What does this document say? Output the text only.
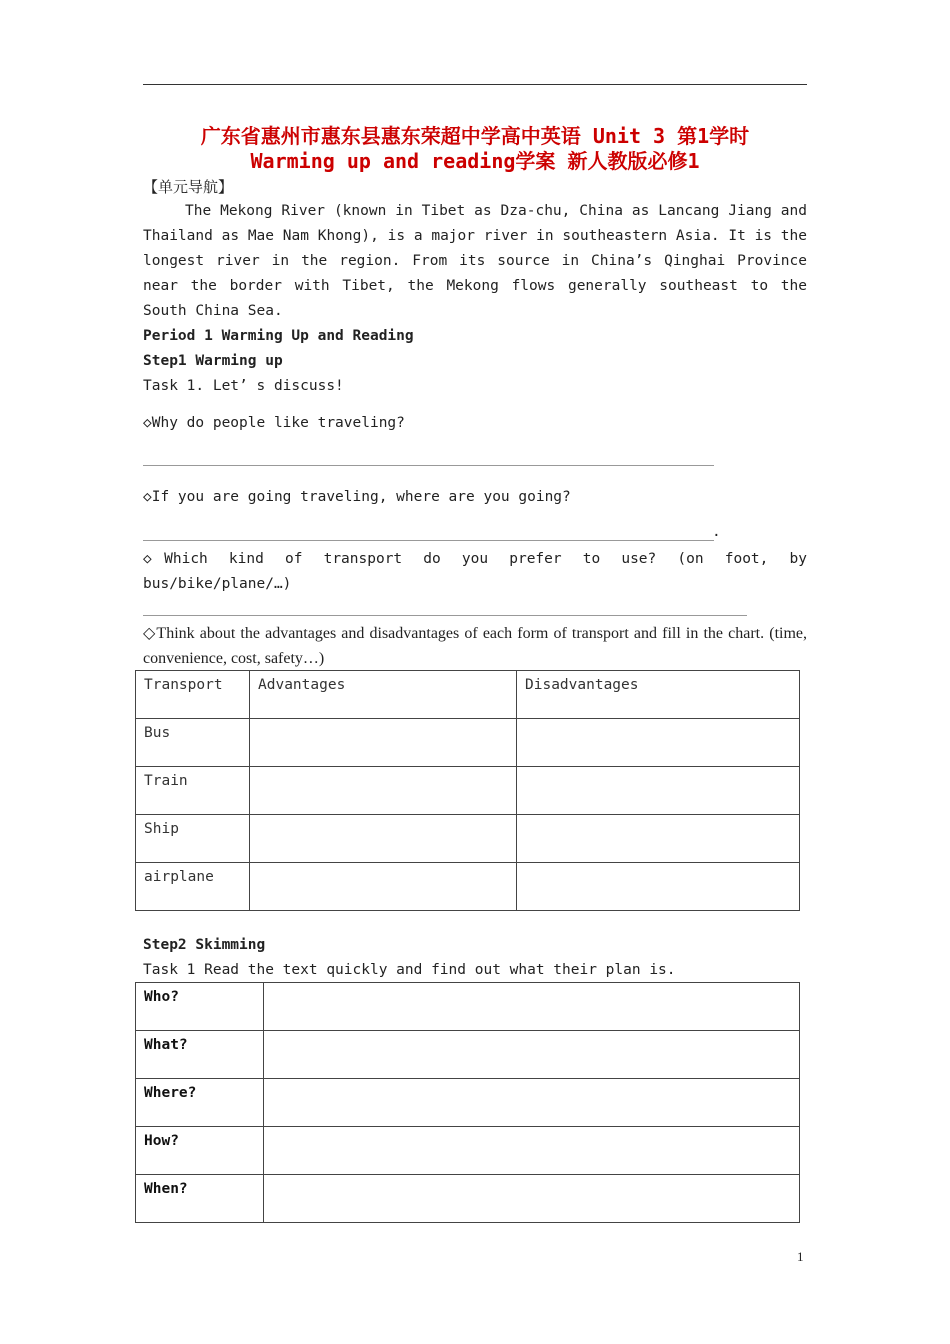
广东省惠州市惠东县惠东荣超中学高中英语 Unit 3 第1学时
Warming up and reading学案 新人教版必修1
【单元导航】
The Mekong River (known in Tibet as Dza-chu, China as Lancang Jiang and Thailand as Mae Nam Khong), is a major river in southeastern Asia. It is the longest river in the region. From its source in China’s Qinghai Province near the border with Tibet, the Mekong flows generally southeast to the South China Sea.
Period 1 Warming Up and Reading
Step1 Warming up
Task 1. Let’ s discuss!
◇Why do people like traveling?
◇If you are going traveling, where are you going?
.
◇Which kind of transport do you prefer to use? (on foot, by bus/bike/plane/…)
◇Think about the advantages and disadvantages of each form of transport and fill in the chart. (time, convenience, cost, safety…)
Transport	Advantages	Disadvantages
Bus		
Train		
Ship		
airplane		
Step2 Skimming
Task 1 Read the text quickly and find out what their plan is.
Who?	
What?	
Where?	
How?	
When?	
1
